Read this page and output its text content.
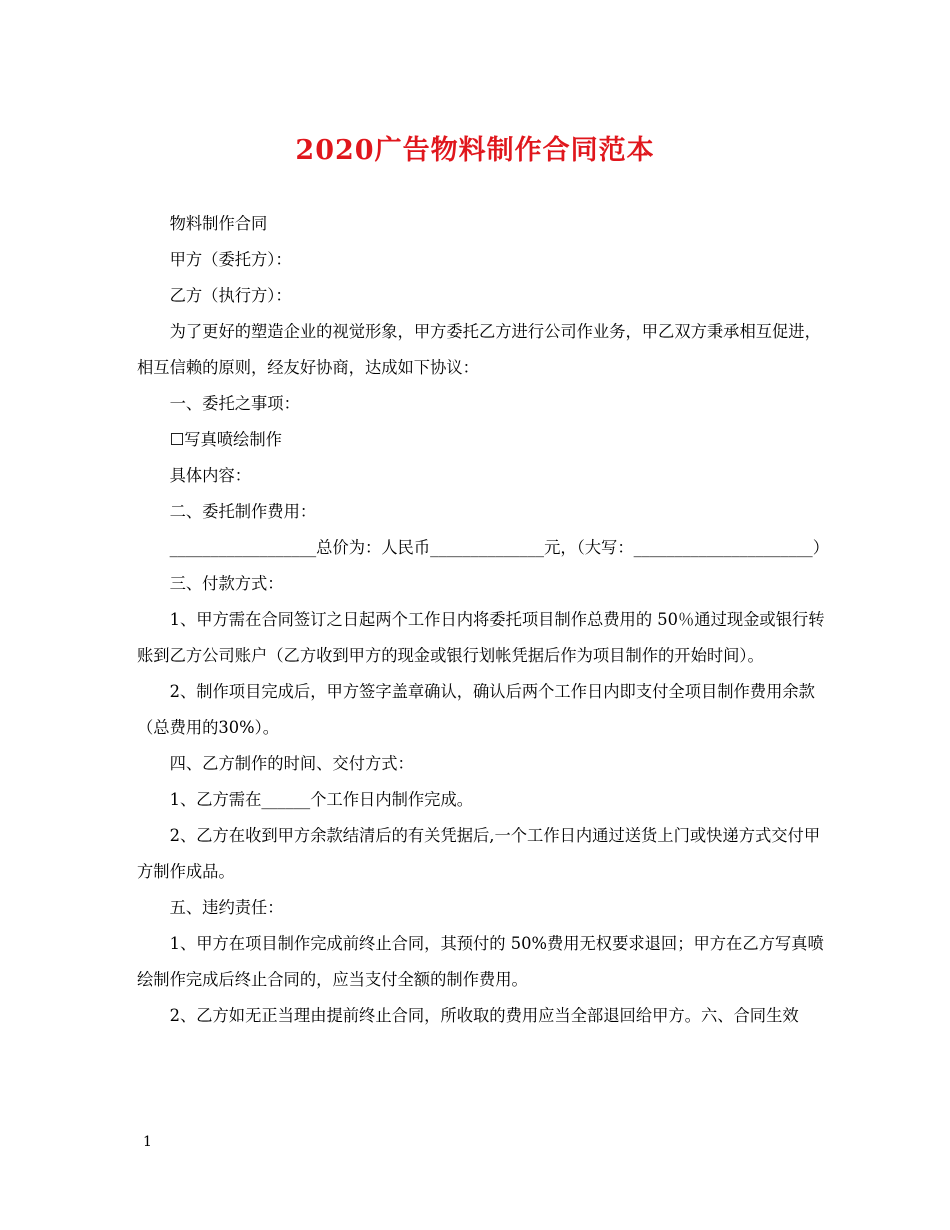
2020广告物料制作合同范本

物料制作合同

甲方（委托方）：

乙方（执行方）：

为了更好的塑造企业的视觉形象，甲方委托乙方进行公司作业务，甲乙双方秉承相互促进，相互信赖的原则，经友好协商，达成如下协议：

一、委托之事项：

☐写真喷绘制作

具体内容：

二、委托制作费用：

__________________总价为：人民币______________元，（大写：______________________）

三、付款方式：

1、甲方需在合同签订之日起两个工作日内将委托项目制作总费用的 50％通过现金或银行转账到乙方公司账户（乙方收到甲方的现金或银行划帐凭据后作为项目制作的开始时间）。

2、制作项目完成后，甲方签字盖章确认，确认后两个工作日内即支付全项目制作费用余款（总费用的30%）。

四、乙方制作的时间、交付方式：

1、乙方需在______个工作日内制作完成。

2、乙方在收到甲方余款结清后的有关凭据后,一个工作日内通过送货上门或快递方式交付甲方制作成品。

五、违约责任：

1、甲方在项目制作完成前终止合同，其预付的 50%费用无权要求退回；甲方在乙方写真喷绘制作完成后终止合同的，应当支付全额的制作费用。

2、乙方如无正当理由提前终止合同，所收取的费用应当全部退回给甲方。六、合同生效

1
